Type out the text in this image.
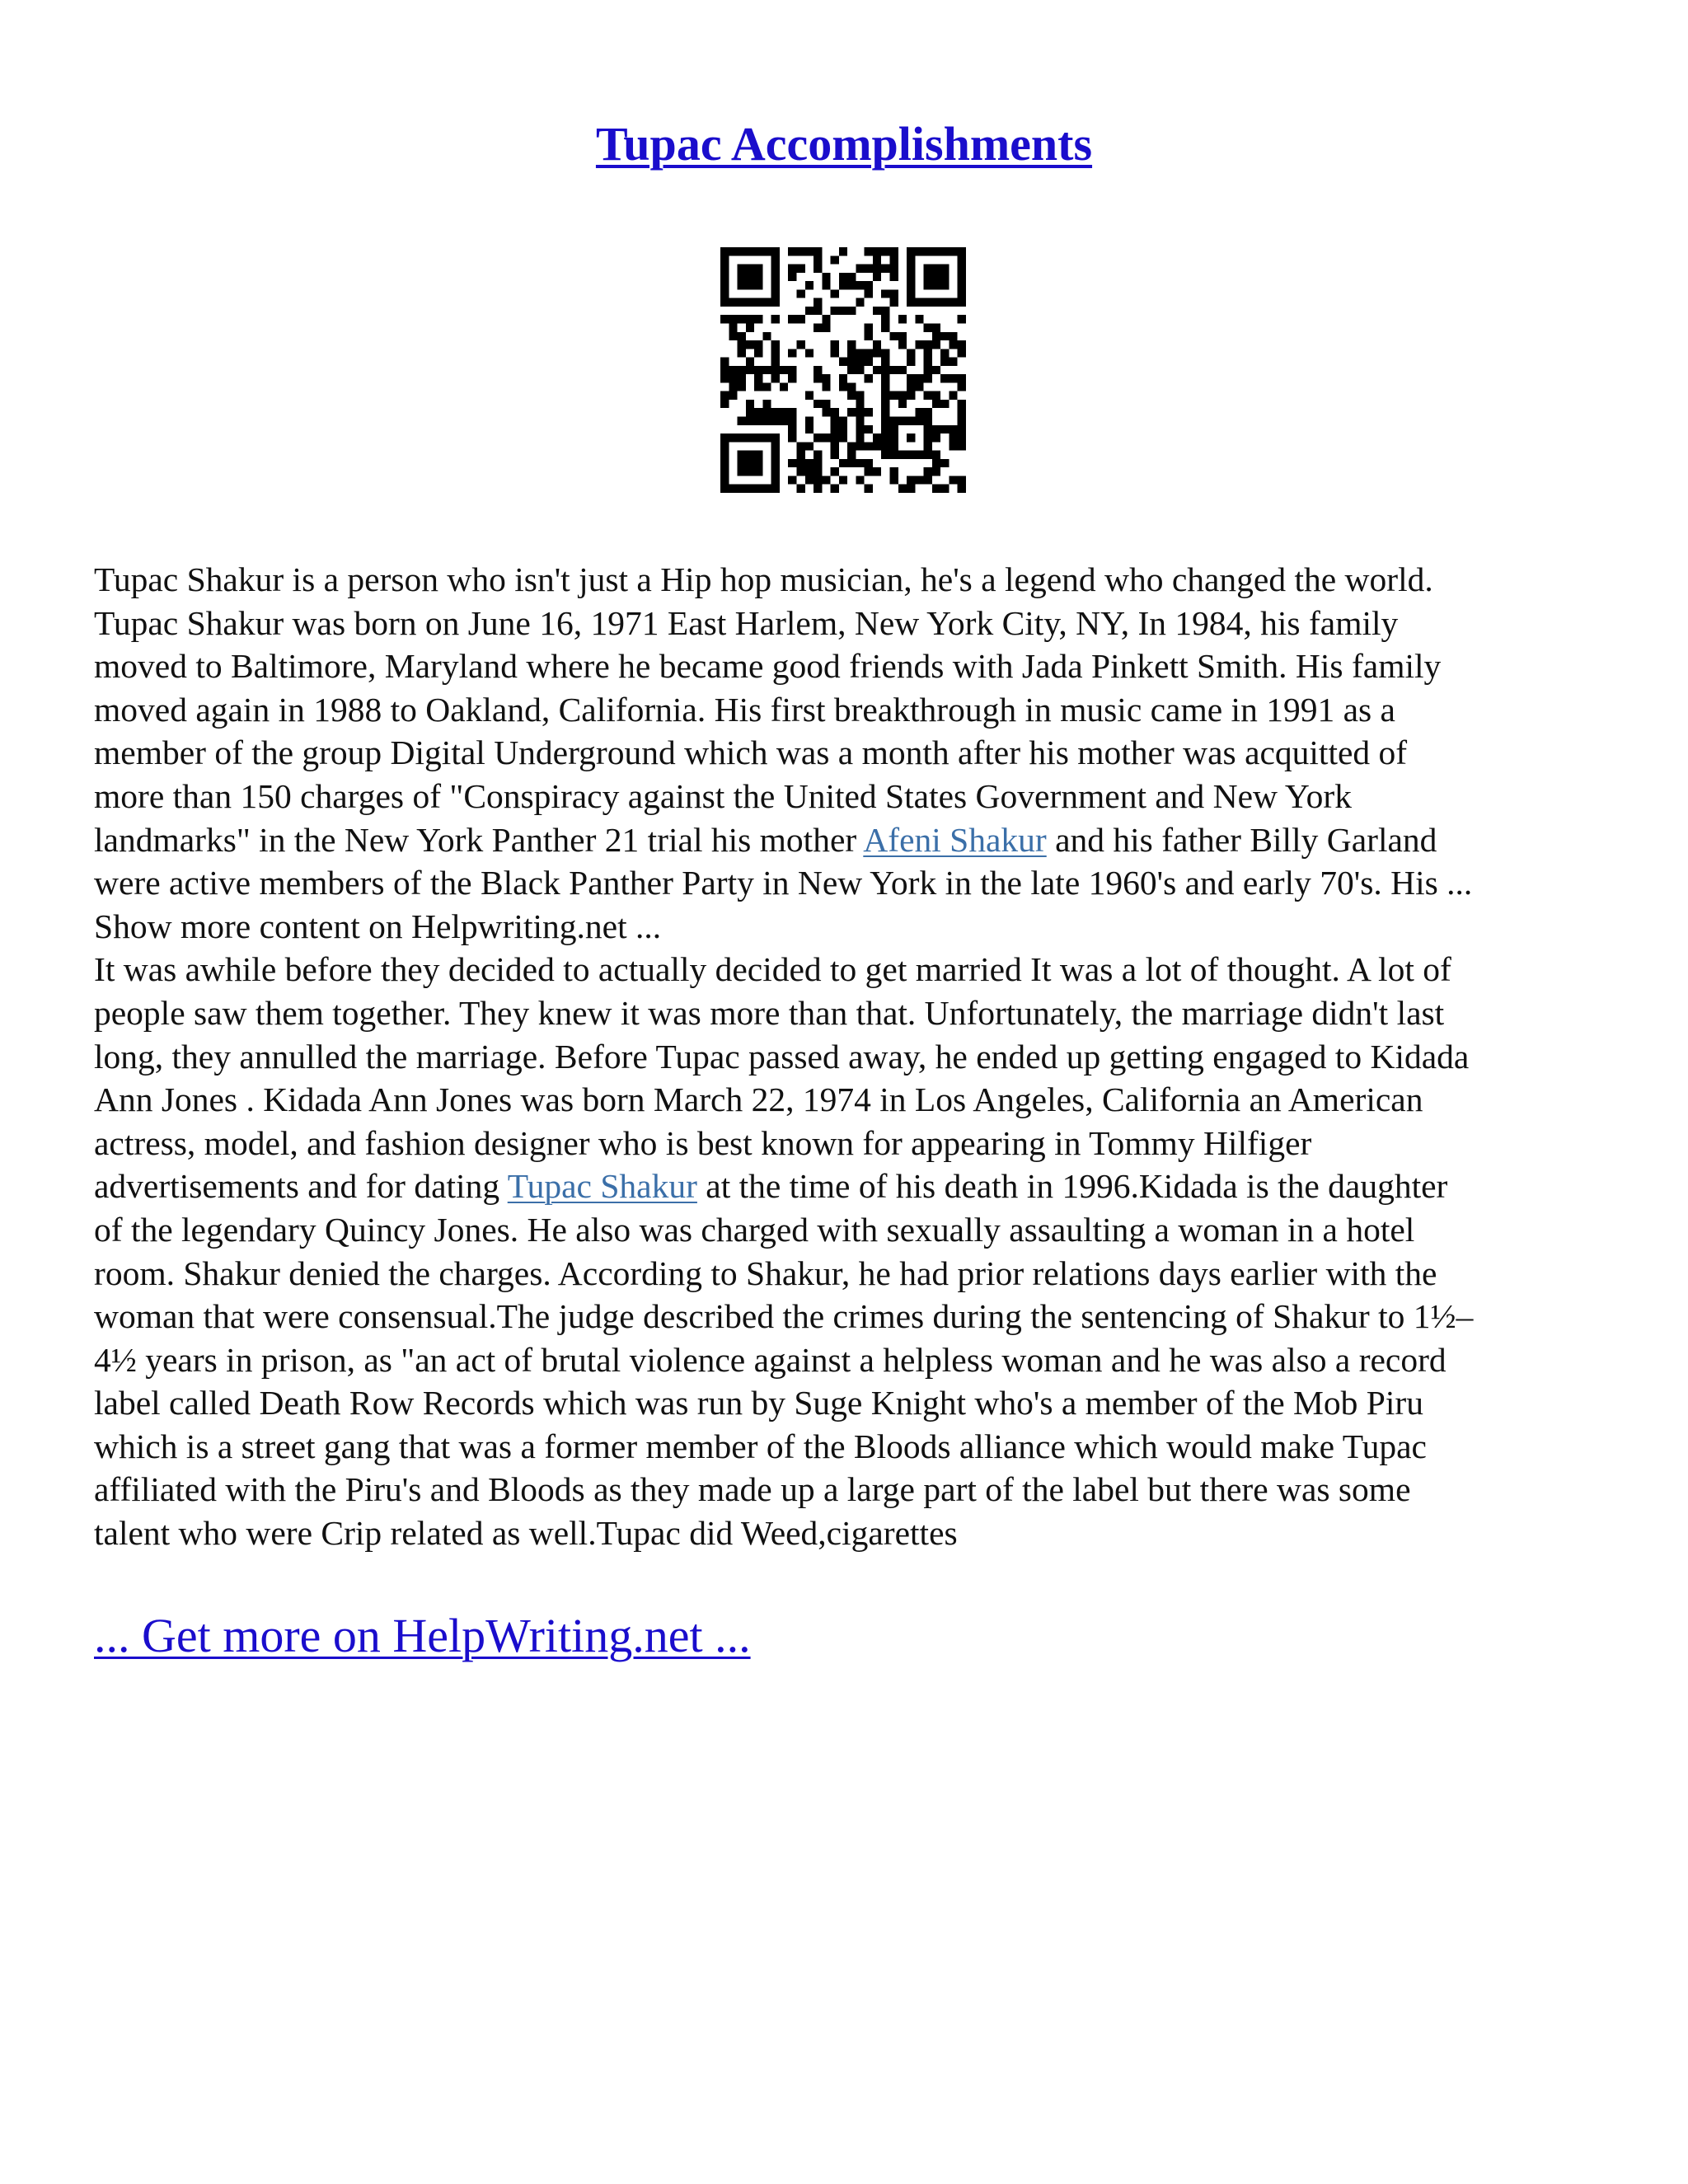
Tupac Accomplishments

Tupac Shakur is a person who isn't just a Hip hop musician, he's a legend who changed the world.
Tupac Shakur was born on June 16, 1971 East Harlem, New York City, NY, In 1984, his family
moved to Baltimore, Maryland where he became good friends with Jada Pinkett Smith. His family
moved again in 1988 to Oakland, California. His first breakthrough in music came in 1991 as a
member of the group Digital Underground which was a month after his mother was acquitted of
more than 150 charges of "Conspiracy against the United States Government and New York
landmarks" in the New York Panther 21 trial his mother Afeni Shakur and his father Billy Garland
were active members of the Black Panther Party in New York in the late 1960's and early 70's. His ...
Show more content on Helpwriting.net ...
It was awhile before they decided to actually decided to get married It was a lot of thought. A lot of
people saw them together. They knew it was more than that. Unfortunately, the marriage didn't last
long, they annulled the marriage. Before Tupac passed away, he ended up getting engaged to Kidada
Ann Jones . Kidada Ann Jones was born March 22, 1974 in Los Angeles, California an American
actress, model, and fashion designer who is best known for appearing in Tommy Hilfiger
advertisements and for dating Tupac Shakur at the time of his death in 1996.Kidada is the daughter
of the legendary Quincy Jones. He also was charged with sexually assaulting a woman in a hotel
room. Shakur denied the charges. According to Shakur, he had prior relations days earlier with the
woman that were consensual.The judge described the crimes during the sentencing of Shakur to 1½–
4½ years in prison, as "an act of brutal violence against a helpless woman and he was also a record
label called Death Row Records which was run by Suge Knight who's a member of the Mob Piru
which is a street gang that was a former member of the Bloods alliance which would make Tupac
affiliated with the Piru's and Bloods as they made up a large part of the label but there was some
talent who were Crip related as well.Tupac did Weed,cigarettes

... Get more on HelpWriting.net ...
